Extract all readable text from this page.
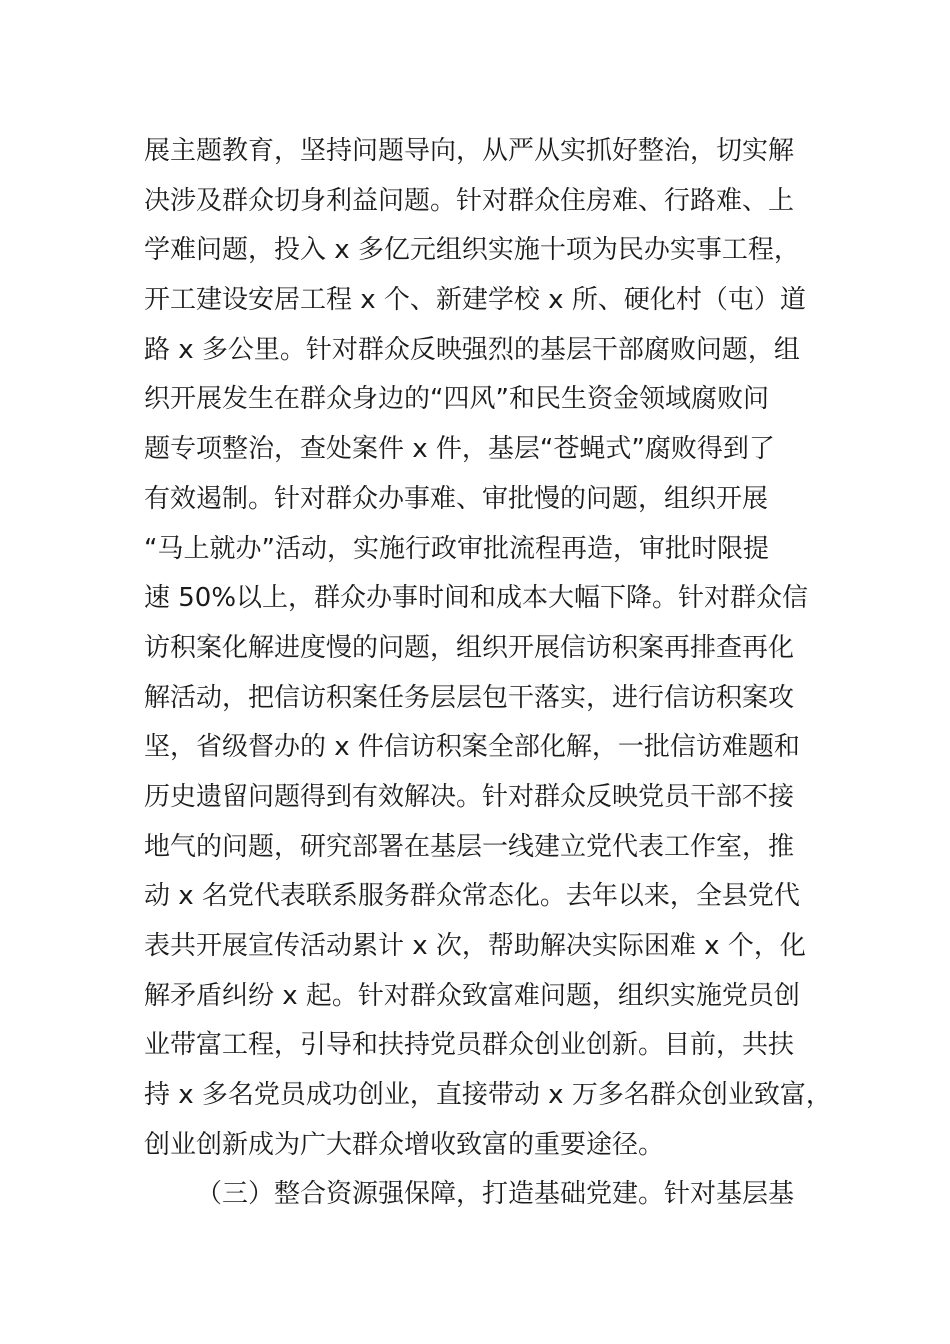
展主题教育，坚持问题导向，从严从实抓好整治，切实解
决涉及群众切身利益问题。针对群众住房难、行路难、上
学难问题，投入 x 多亿元组织实施十项为民办实事工程，
开工建设安居工程 x 个、新建学校 x 所、硬化村（屯）道
路 x 多公里。针对群众反映强烈的基层干部腐败问题，组
织开展发生在群众身边的“四风”和民生资金领域腐败问
题专项整治，查处案件 x 件，基层“苍蝇式”腐败得到了
有效遏制。针对群众办事难、审批慢的问题，组织开展
“马上就办”活动，实施行政审批流程再造，审批时限提
速 50%以上，群众办事时间和成本大幅下降。针对群众信
访积案化解进度慢的问题，组织开展信访积案再排查再化
解活动，把信访积案任务层层包干落实，进行信访积案攻
坚，省级督办的 x 件信访积案全部化解，一批信访难题和
历史遗留问题得到有效解决。针对群众反映党员干部不接
地气的问题，研究部署在基层一线建立党代表工作室，推
动 x 名党代表联系服务群众常态化。去年以来，全县党代
表共开展宣传活动累计 x 次，帮助解决实际困难 x 个，化
解矛盾纠纷 x 起。针对群众致富难问题，组织实施党员创
业带富工程，引导和扶持党员群众创业创新。目前，共扶
持 x 多名党员成功创业，直接带动 x 万多名群众创业致富，
创业创新成为广大群众增收致富的重要途径。
（三）整合资源强保障，打造基础党建。针对基层基
